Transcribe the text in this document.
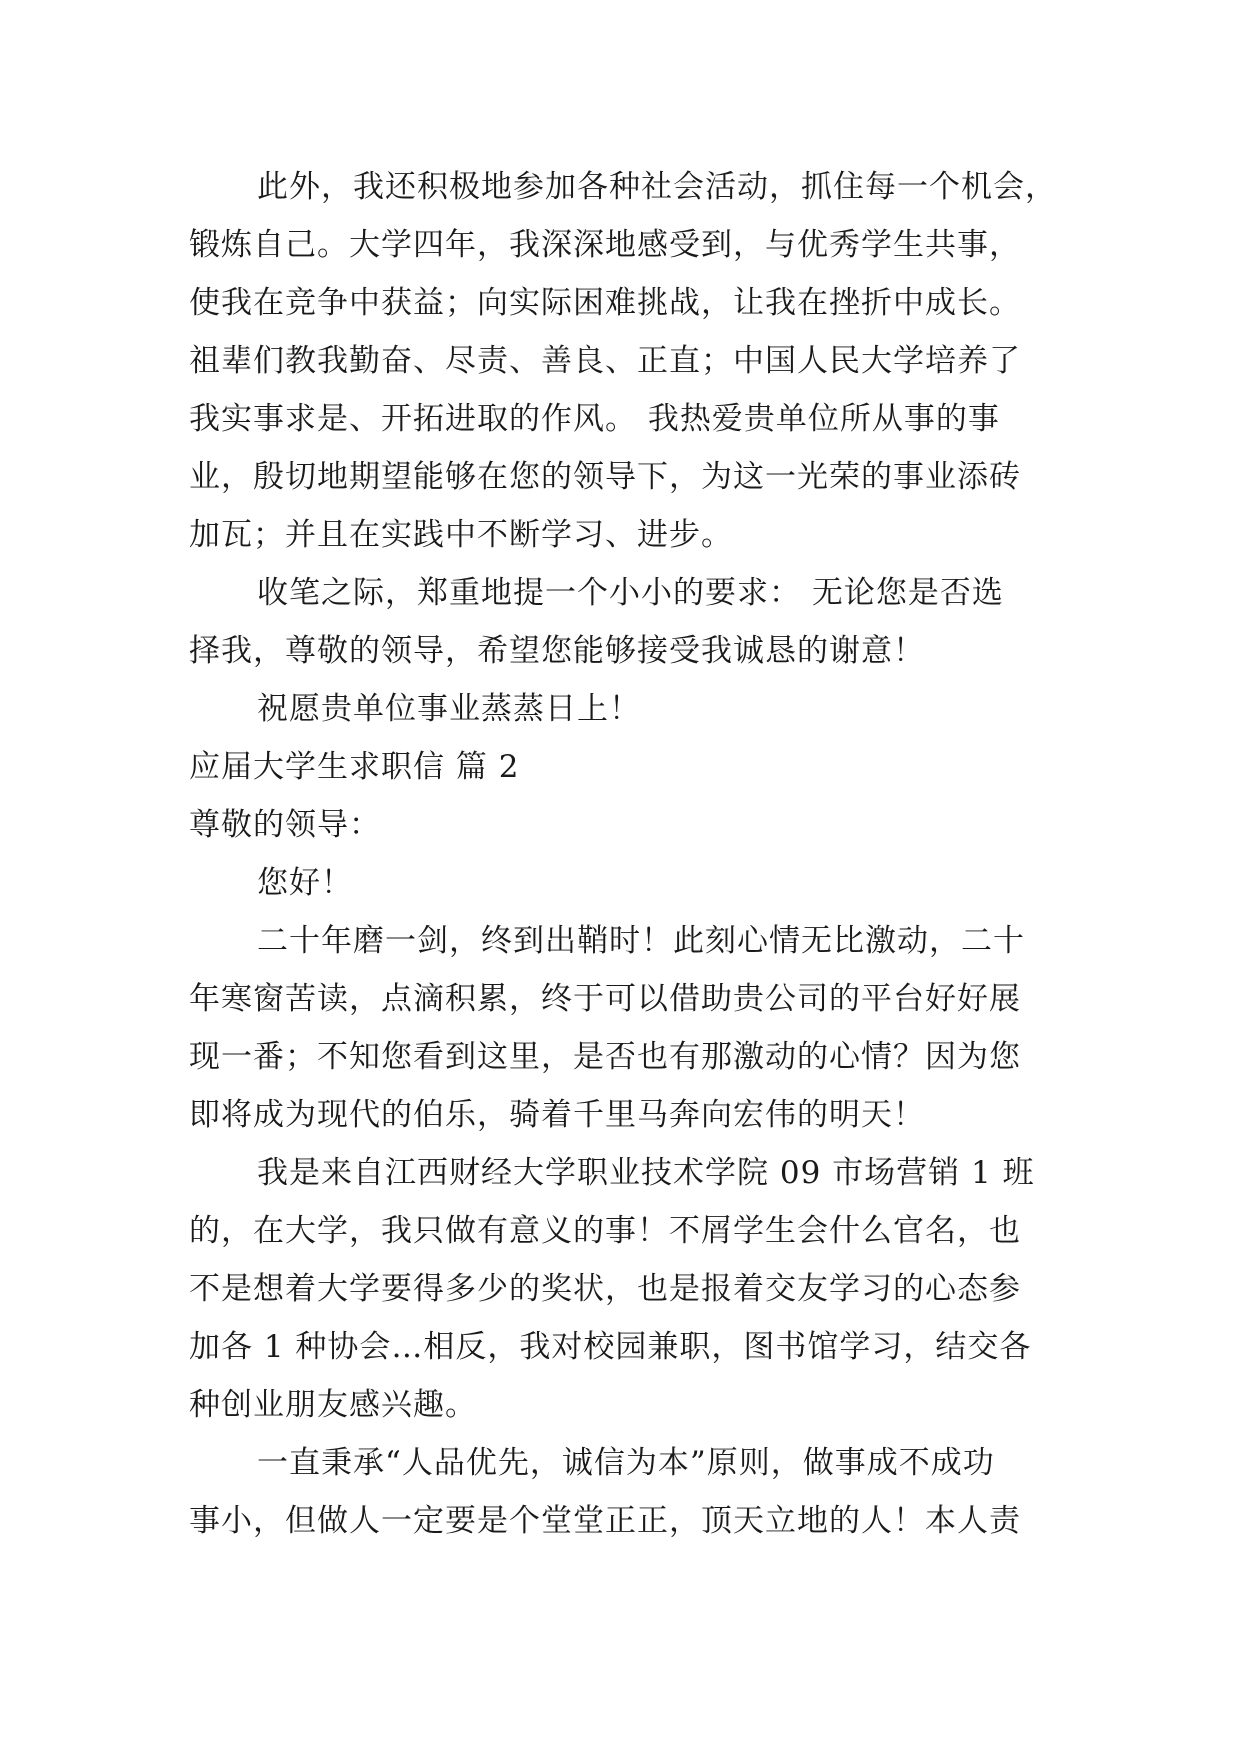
此外，我还积极地参加各种社会活动，抓住每一个机会，

锻炼自己。大学四年，我深深地感受到，与优秀学生共事，

使我在竞争中获益；向实际困难挑战，让我在挫折中成长。

祖辈们教我勤奋、尽责、善良、正直；中国人民大学培养了

我实事求是、开拓进取的作风。 我热爱贵单位所从事的事

业，殷切地期望能够在您的领导下，为这一光荣的事业添砖

加瓦；并且在实践中不断学习、进步。

收笔之际，郑重地提一个小小的要求： 无论您是否选

择我，尊敬的领导，希望您能够接受我诚恳的谢意！

祝愿贵单位事业蒸蒸日上！

应届大学生求职信 篇 2

尊敬的领导：

您好！

二十年磨一剑，终到出鞘时！此刻心情无比激动，二十

年寒窗苦读，点滴积累，终于可以借助贵公司的平台好好展

现一番；不知您看到这里，是否也有那激动的心情？因为您

即将成为现代的伯乐，骑着千里马奔向宏伟的明天！

我是来自江西财经大学职业技术学院 09 市场营销 1 班

的，在大学，我只做有意义的事！不屑学生会什么官名，也

不是想着大学要得多少的奖状，也是报着交友学习的心态参

加各 1 种协会…相反，我对校园兼职，图书馆学习，结交各

种创业朋友感兴趣。

一直秉承“人品优先，诚信为本”原则，做事成不成功

事小，但做人一定要是个堂堂正正，顶天立地的人！本人责
